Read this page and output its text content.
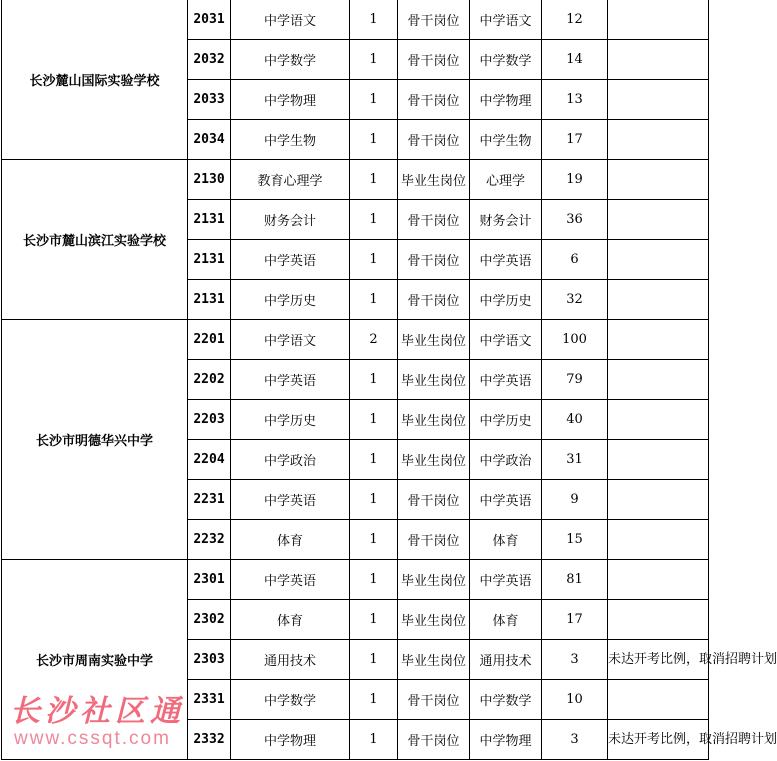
长沙麓山国际实验学校	2031	中学语文	1	骨干岗位	中学语文	12	
	2032	中学数学	1	骨干岗位	中学数学	14	
	2033	中学物理	1	骨干岗位	中学物理	13	
	2034	中学生物	1	骨干岗位	中学生物	17	
长沙市麓山滨江实验学校	2130	教育心理学	1	毕业生岗位	心理学	19	
	2131	财务会计	1	骨干岗位	财务会计	36	
	2131	中学英语	1	骨干岗位	中学英语	6	
	2131	中学历史	1	骨干岗位	中学历史	32	
长沙市明德华兴中学	2201	中学语文	2	毕业生岗位	中学语文	100	
	2202	中学英语	1	毕业生岗位	中学英语	79	
	2203	中学历史	1	毕业生岗位	中学历史	40	
	2204	中学政治	1	毕业生岗位	中学政治	31	
	2231	中学英语	1	骨干岗位	中学英语	9	
	2232	体育	1	骨干岗位	体育	15	
长沙市周南实验中学	2301	中学英语	1	毕业生岗位	中学英语	81	
	2302	体育	1	毕业生岗位	体育	17	
	2303	通用技术	1	毕业生岗位	通用技术	3	未达开考比例，取消招聘计划
	2331	中学数学	1	骨干岗位	中学数学	10	
	2332	中学物理	1	骨干岗位	中学物理	3	未达开考比例，取消招聘计划
长沙社区通
www.cssqt.com
